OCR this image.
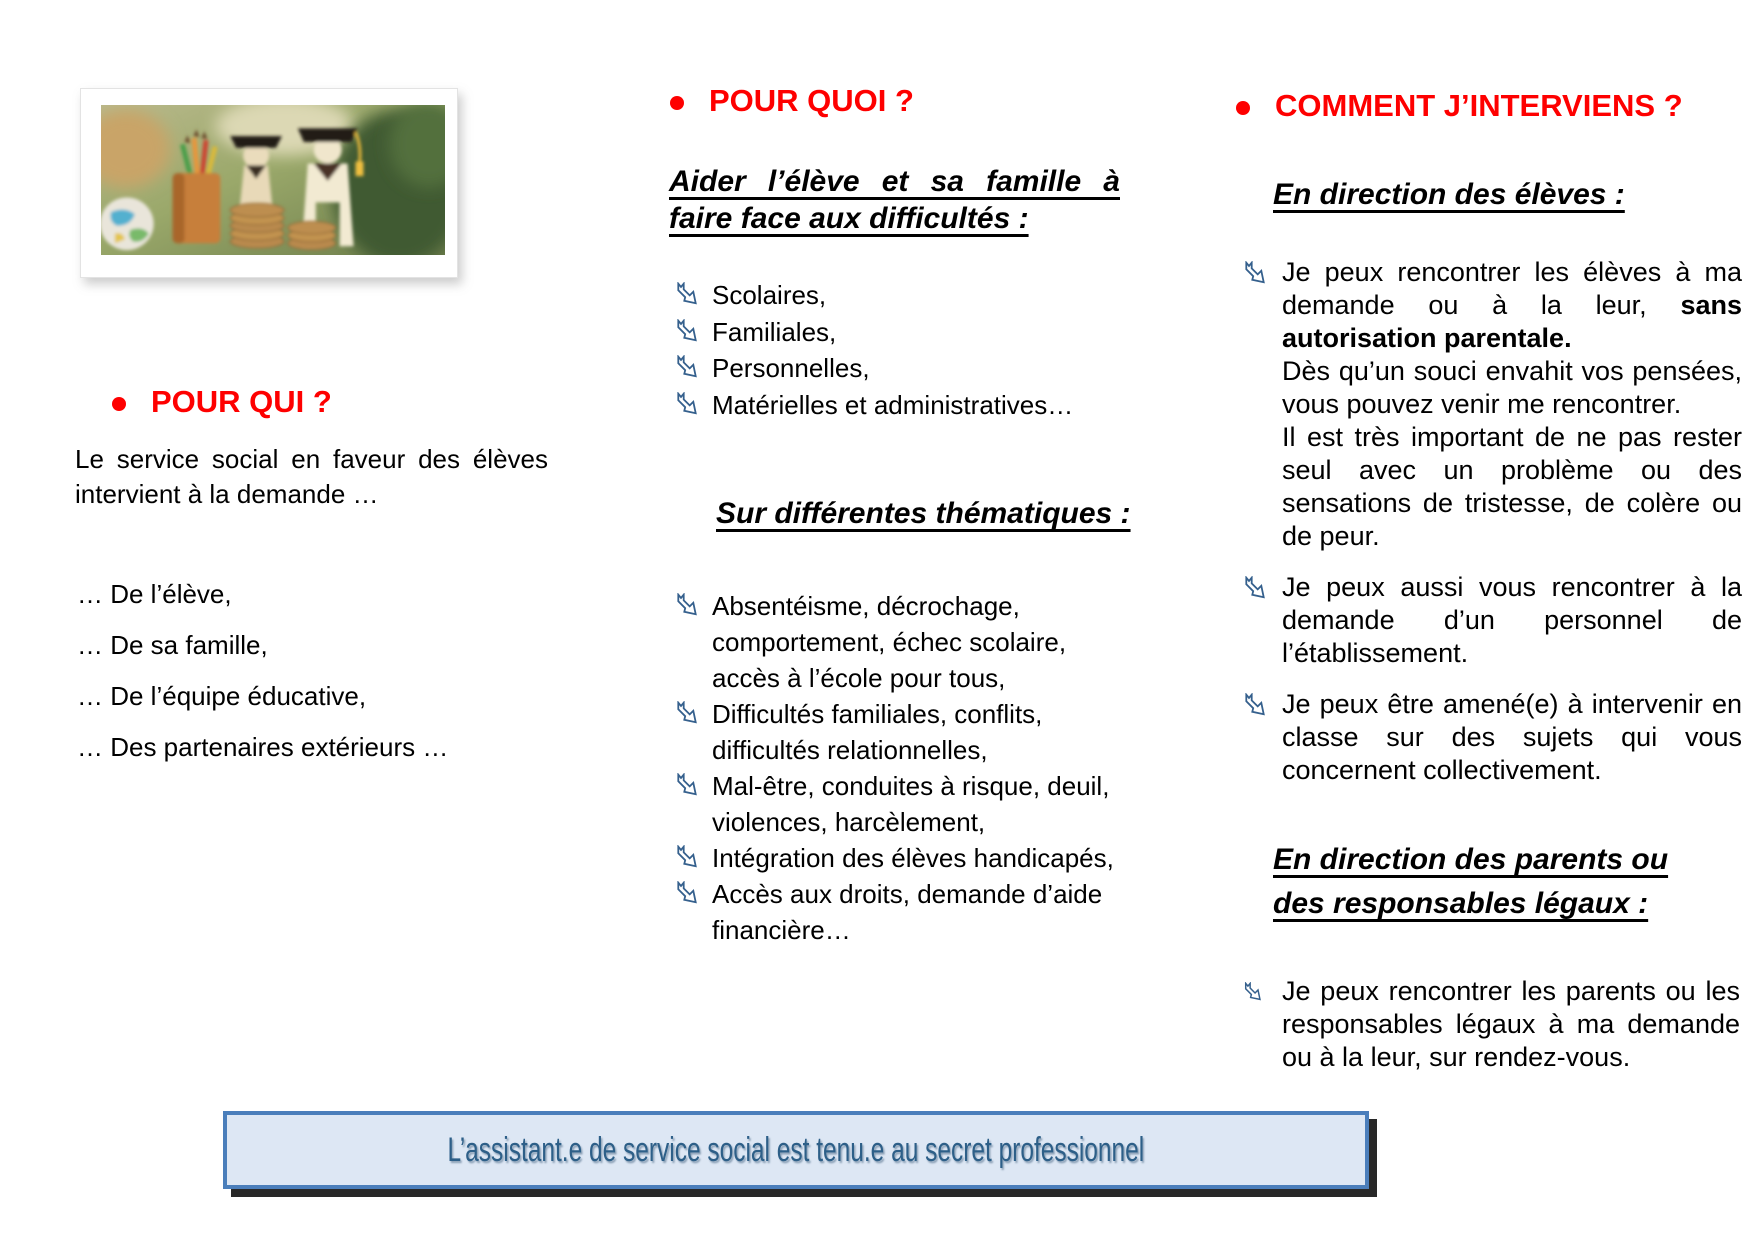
POUR QUI ?
Le service social en faveur des élèves intervient à la demande …
… De l’élève,
… De sa famille,
… De l’équipe éducative,
… Des partenaires extérieurs …
POUR QUOI ?
Aider l’élève et sa famille à faire face aux difficultés :
Scolaires,
Familiales,
Personnelles,
Matérielles et administratives…
Sur différentes thématiques :
Absentéisme, décrochage, comportement, échec scolaire, accès à l’école pour tous,
Difficultés familiales, conflits, difficultés relationnelles,
Mal-être, conduites à risque, deuil, violences, harcèlement,
Intégration des élèves handicapés,
Accès aux droits, demande d’aide financière…
COMMENT J’INTERVIENS ?
En direction des élèves :
Je peux rencontrer les élèves à ma demande ou à la leur, sans autorisation parentale.
Dès qu’un souci envahit vos pensées, vous pouvez venir me rencontrer.
Il est très important de ne pas rester seul avec un problème ou des sensations de tristesse, de colère ou de peur.
Je peux aussi vous rencontrer à la demande d’un personnel de l’établissement.
Je peux être amené(e) à intervenir en classe sur des sujets qui vous concernent collectivement.
En direction des parents ou des responsables légaux :
Je peux rencontrer les parents ou les responsables légaux à ma demande ou à la leur, sur rendez-vous.
L’assistant.e de service social est tenu.e au secret professionnel
